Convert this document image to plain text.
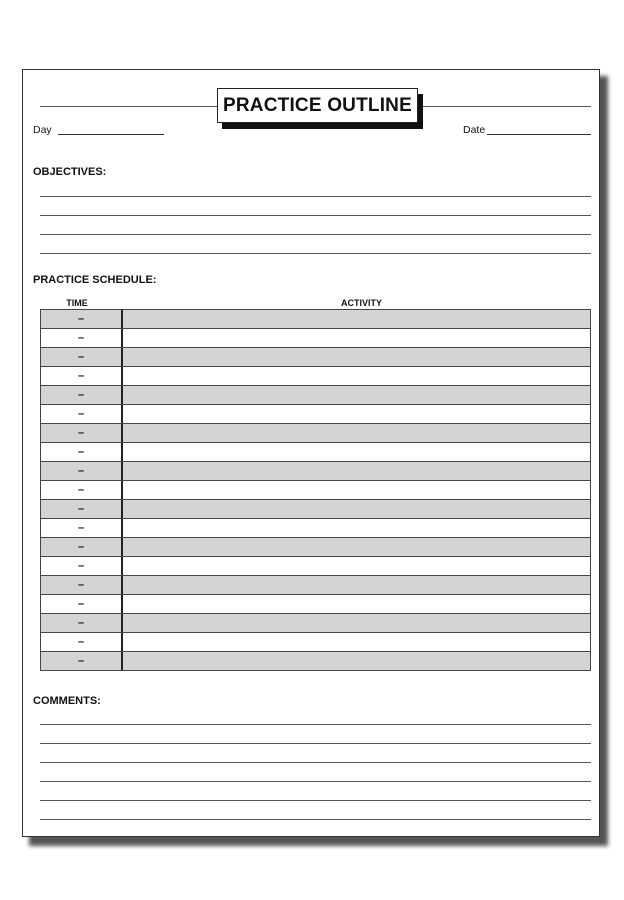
PRACTICE OUTLINE
Day	Date
OBJECTIVES:
PRACTICE SCHEDULE:
TIME	ACTIVITY
–
–
–
–
–
–
–
–
–
–
–
–
–
–
–
–
–
–
–
COMMENTS:
